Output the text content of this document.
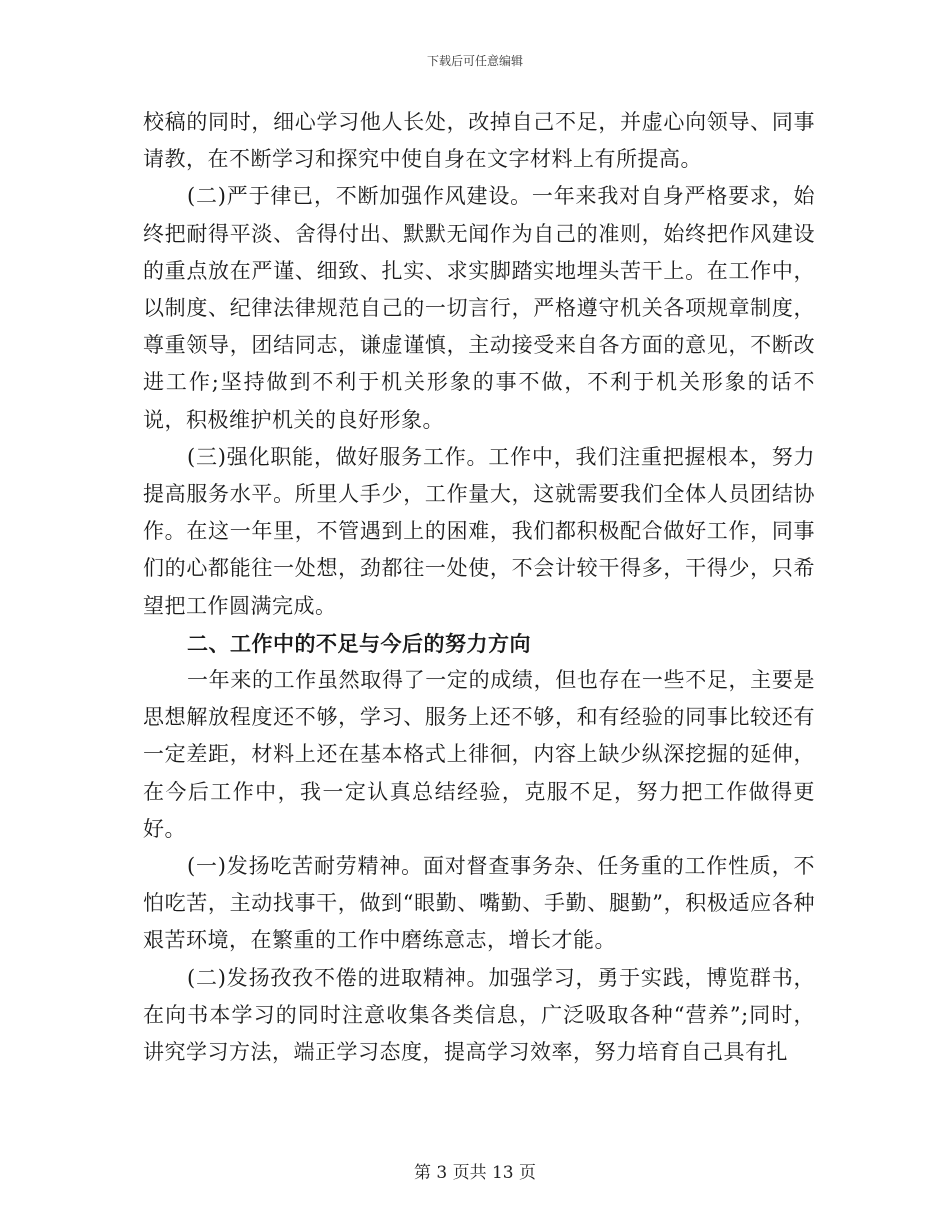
下载后可任意编辑

校稿的同时，细心学习他人长处，改掉自己不足，并虚心向领导、同事请教，在不断学习和探究中使自身在文字材料上有所提高。

(二)严于律已，不断加强作风建设。一年来我对自身严格要求，始终把耐得平淡、舍得付出、默默无闻作为自己的准则，始终把作风建设的重点放在严谨、细致、扎实、求实脚踏实地埋头苦干上。在工作中，以制度、纪律法律规范自己的一切言行，严格遵守机关各项规章制度，尊重领导，团结同志，谦虚谨慎，主动接受来自各方面的意见，不断改进工作;坚持做到不利于机关形象的事不做，不利于机关形象的话不说，积极维护机关的良好形象。

(三)强化职能，做好服务工作。工作中，我们注重把握根本，努力提高服务水平。所里人手少，工作量大，这就需要我们全体人员团结协作。在这一年里，不管遇到上的困难，我们都积极配合做好工作，同事们的心都能往一处想，劲都往一处使，不会计较干得多，干得少，只希望把工作圆满完成。

二、工作中的不足与今后的努力方向

一年来的工作虽然取得了一定的成绩，但也存在一些不足，主要是思想解放程度还不够，学习、服务上还不够，和有经验的同事比较还有一定差距，材料上还在基本格式上徘徊，内容上缺少纵深挖掘的延伸，在今后工作中，我一定认真总结经验，克服不足，努力把工作做得更好。

(一)发扬吃苦耐劳精神。面对督查事务杂、任务重的工作性质，不怕吃苦，主动找事干，做到“眼勤、嘴勤、手勤、腿勤”，积极适应各种艰苦环境，在繁重的工作中磨练意志，增长才能。

(二)发扬孜孜不倦的进取精神。加强学习，勇于实践，博览群书，在向书本学习的同时注意收集各类信息，广泛吸取各种“营养”;同时，讲究学习方法，端正学习态度，提高学习效率，努力培育自己具有扎

第 3 页共 13 页
